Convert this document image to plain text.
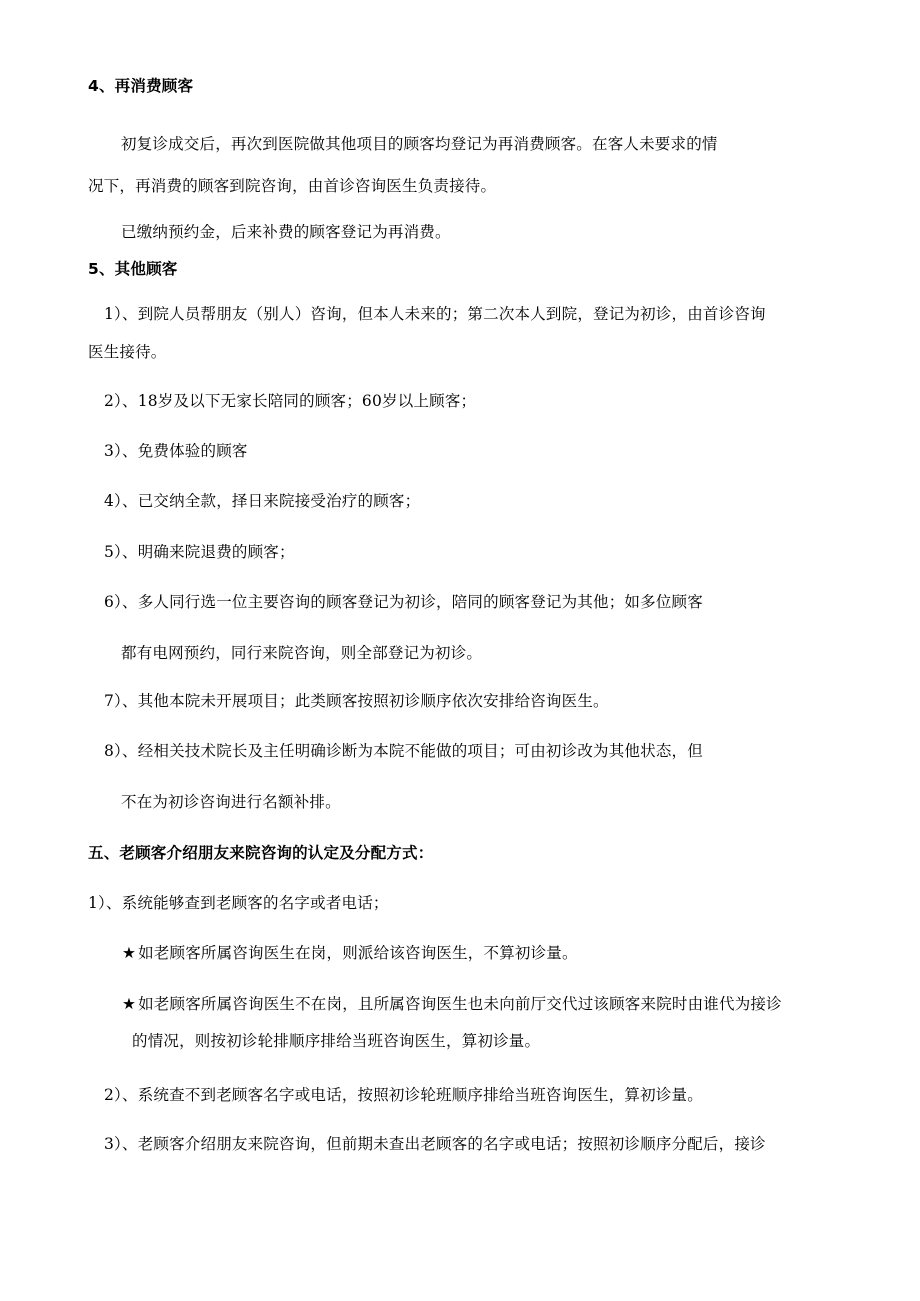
4、再消费顾客
初复诊成交后，再次到医院做其他项目的顾客均登记为再消费顾客。在客人未要求的情
况下，再消费的顾客到院咨询，由首诊咨询医生负责接待。
已缴纳预约金，后来补费的顾客登记为再消费。
5、其他顾客
1）、到院人员帮朋友（别人）咨询，但本人未来的；第二次本人到院，登记为初诊，由首诊咨询
医生接待。
2）、18岁及以下无家长陪同的顾客；60岁以上顾客；
3）、免费体验的顾客
4）、已交纳全款，择日来院接受治疗的顾客；
5）、明确来院退费的顾客；
6）、多人同行选一位主要咨询的顾客登记为初诊，陪同的顾客登记为其他；如多位顾客
都有电网预约，同行来院咨询，则全部登记为初诊。
7）、其他本院未开展项目；此类顾客按照初诊顺序依次安排给咨询医生。
8）、经相关技术院长及主任明确诊断为本院不能做的项目；可由初诊改为其他状态，但
不在为初诊咨询进行名额补排。
五、老顾客介绍朋友来院咨询的认定及分配方式：
1）、系统能够查到老顾客的名字或者电话；
★ 如老顾客所属咨询医生在岗，则派给该咨询医生，不算初诊量。
★ 如老顾客所属咨询医生不在岗，且所属咨询医生也未向前厅交代过该顾客来院时由谁代为接诊
的情况，则按初诊轮排顺序排给当班咨询医生，算初诊量。
2）、系统查不到老顾客名字或电话，按照初诊轮班顺序排给当班咨询医生，算初诊量。
3）、老顾客介绍朋友来院咨询，但前期未查出老顾客的名字或电话；按照初诊顺序分配后，接诊
